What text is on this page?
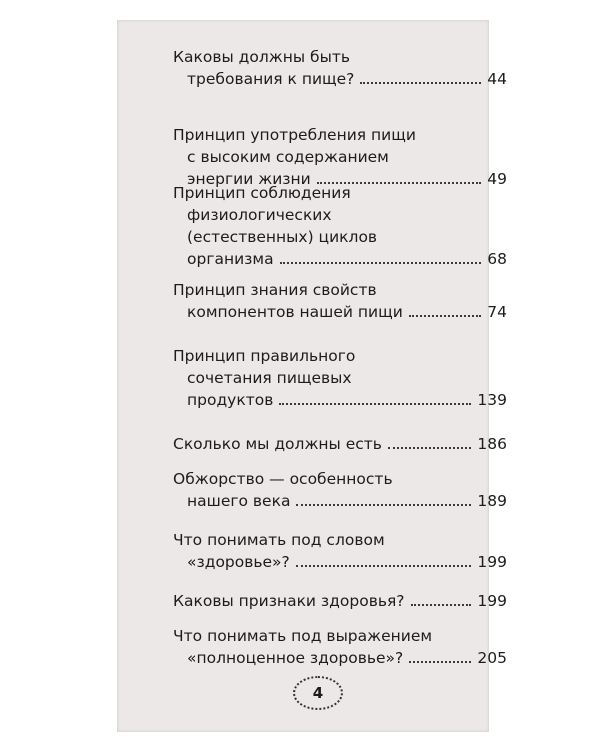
Каковы должны быть
требования к пище?	44
Принцип употребления пищи
с высоким содержанием
энергии жизни	49
Принцип соблюдения
физиологических
(естественных) циклов
организма	68
Принцип знания свойств
компонентов нашей пищи	74
Принцип правильного
сочетания пищевых
продуктов	139
Сколько мы должны есть	186
Обжорство — особенность
нашего века	189
Что понимать под словом
«здоровье»?	199
Каковы признаки здоровья?	199
Что понимать под выражением
«полноценное здоровье»?	205
4
